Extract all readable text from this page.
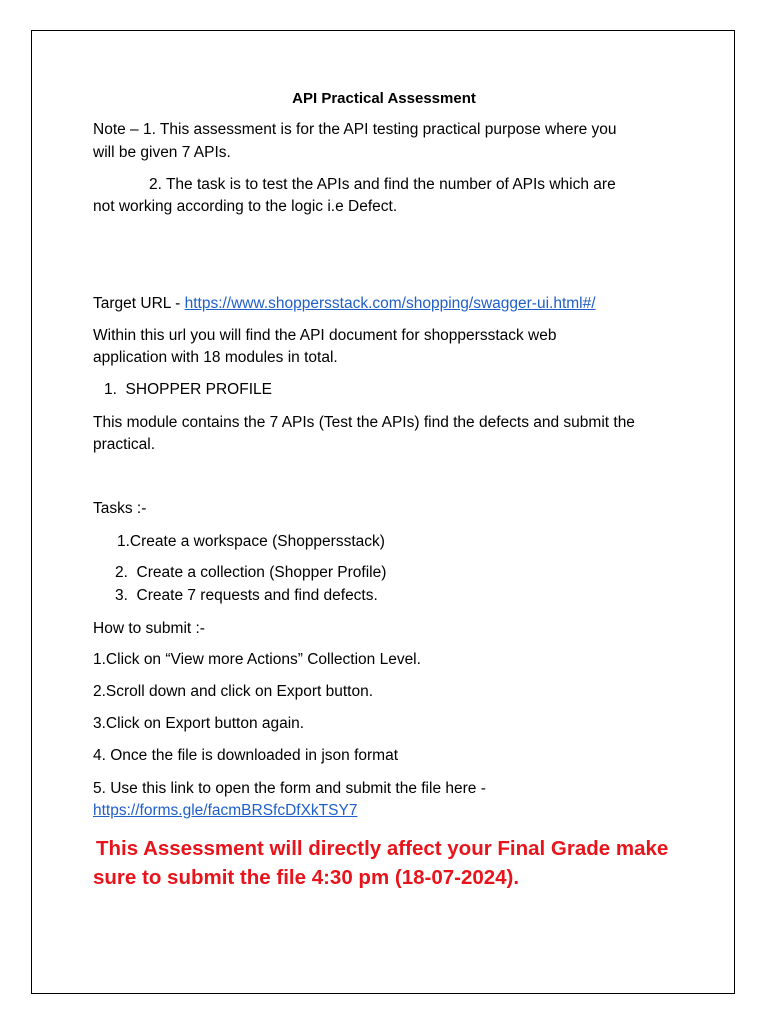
API Practical Assessment
Note – 1. This assessment is for the API testing practical purpose where you
will be given 7 APIs.
2. The task is to test the APIs and find the number of APIs which are
not working according to the logic i.e Defect.
Target URL - https://www.shoppersstack.com/shopping/swagger-ui.html#/
Within this url you will find the API document for shoppersstack web
application with 18 modules in total.
1.  SHOPPER PROFILE
This module contains the 7 APIs (Test the APIs) find the defects and submit the
practical.
Tasks :-
1.Create a workspace (Shoppersstack)
2.  Create a collection (Shopper Profile)
3.  Create 7 requests and find defects.
How to submit :-
1.Click on “View more Actions” Collection Level.
2.Scroll down and click on Export button.
3.Click on Export button again.
4. Once the file is downloaded in json format
5. Use this link to open the form and submit the file here -
https://forms.gle/facmBRSfcDfXkTSY7
This Assessment will directly affect your Final Grade make
sure to submit the file 4:30 pm (18-07-2024).
